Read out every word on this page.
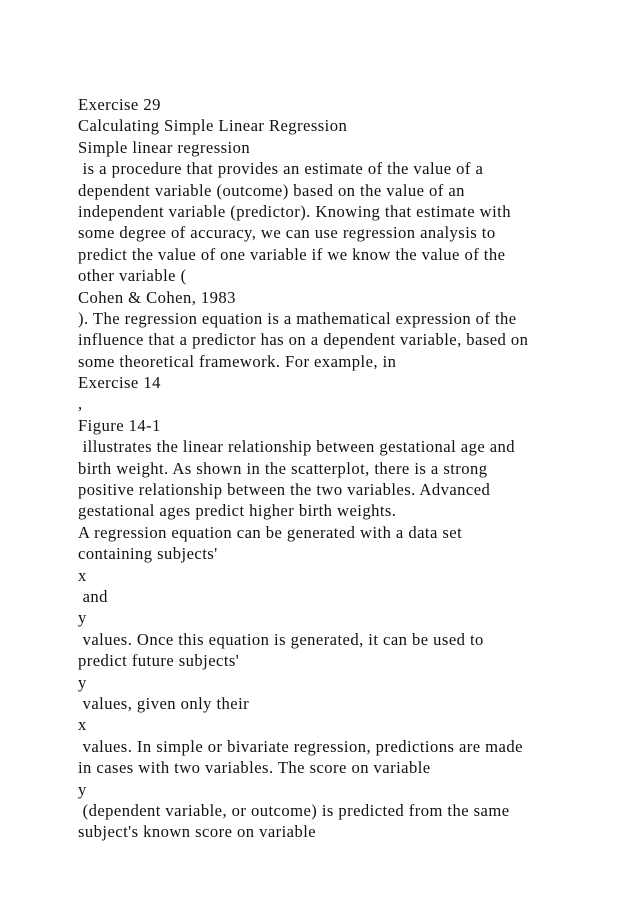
Exercise 29
Calculating Simple Linear Regression
Simple linear regression
is a procedure that provides an estimate of the value of a
dependent variable (outcome) based on the value of an
independent variable (predictor). Knowing that estimate with
some degree of accuracy, we can use regression analysis to
predict the value of one variable if we know the value of the
other variable (
Cohen & Cohen, 1983
). The regression equation is a mathematical expression of the
influence that a predictor has on a dependent variable, based on
some theoretical framework. For example, in
Exercise 14
,
Figure 14-1
illustrates the linear relationship between gestational age and
birth weight. As shown in the scatterplot, there is a strong
positive relationship between the two variables. Advanced
gestational ages predict higher birth weights.
A regression equation can be generated with a data set
containing subjects'
x
and
y
values. Once this equation is generated, it can be used to
predict future subjects'
y
values, given only their
x
values. In simple or bivariate regression, predictions are made
in cases with two variables. The score on variable
y
(dependent variable, or outcome) is predicted from the same
subject's known score on variable
